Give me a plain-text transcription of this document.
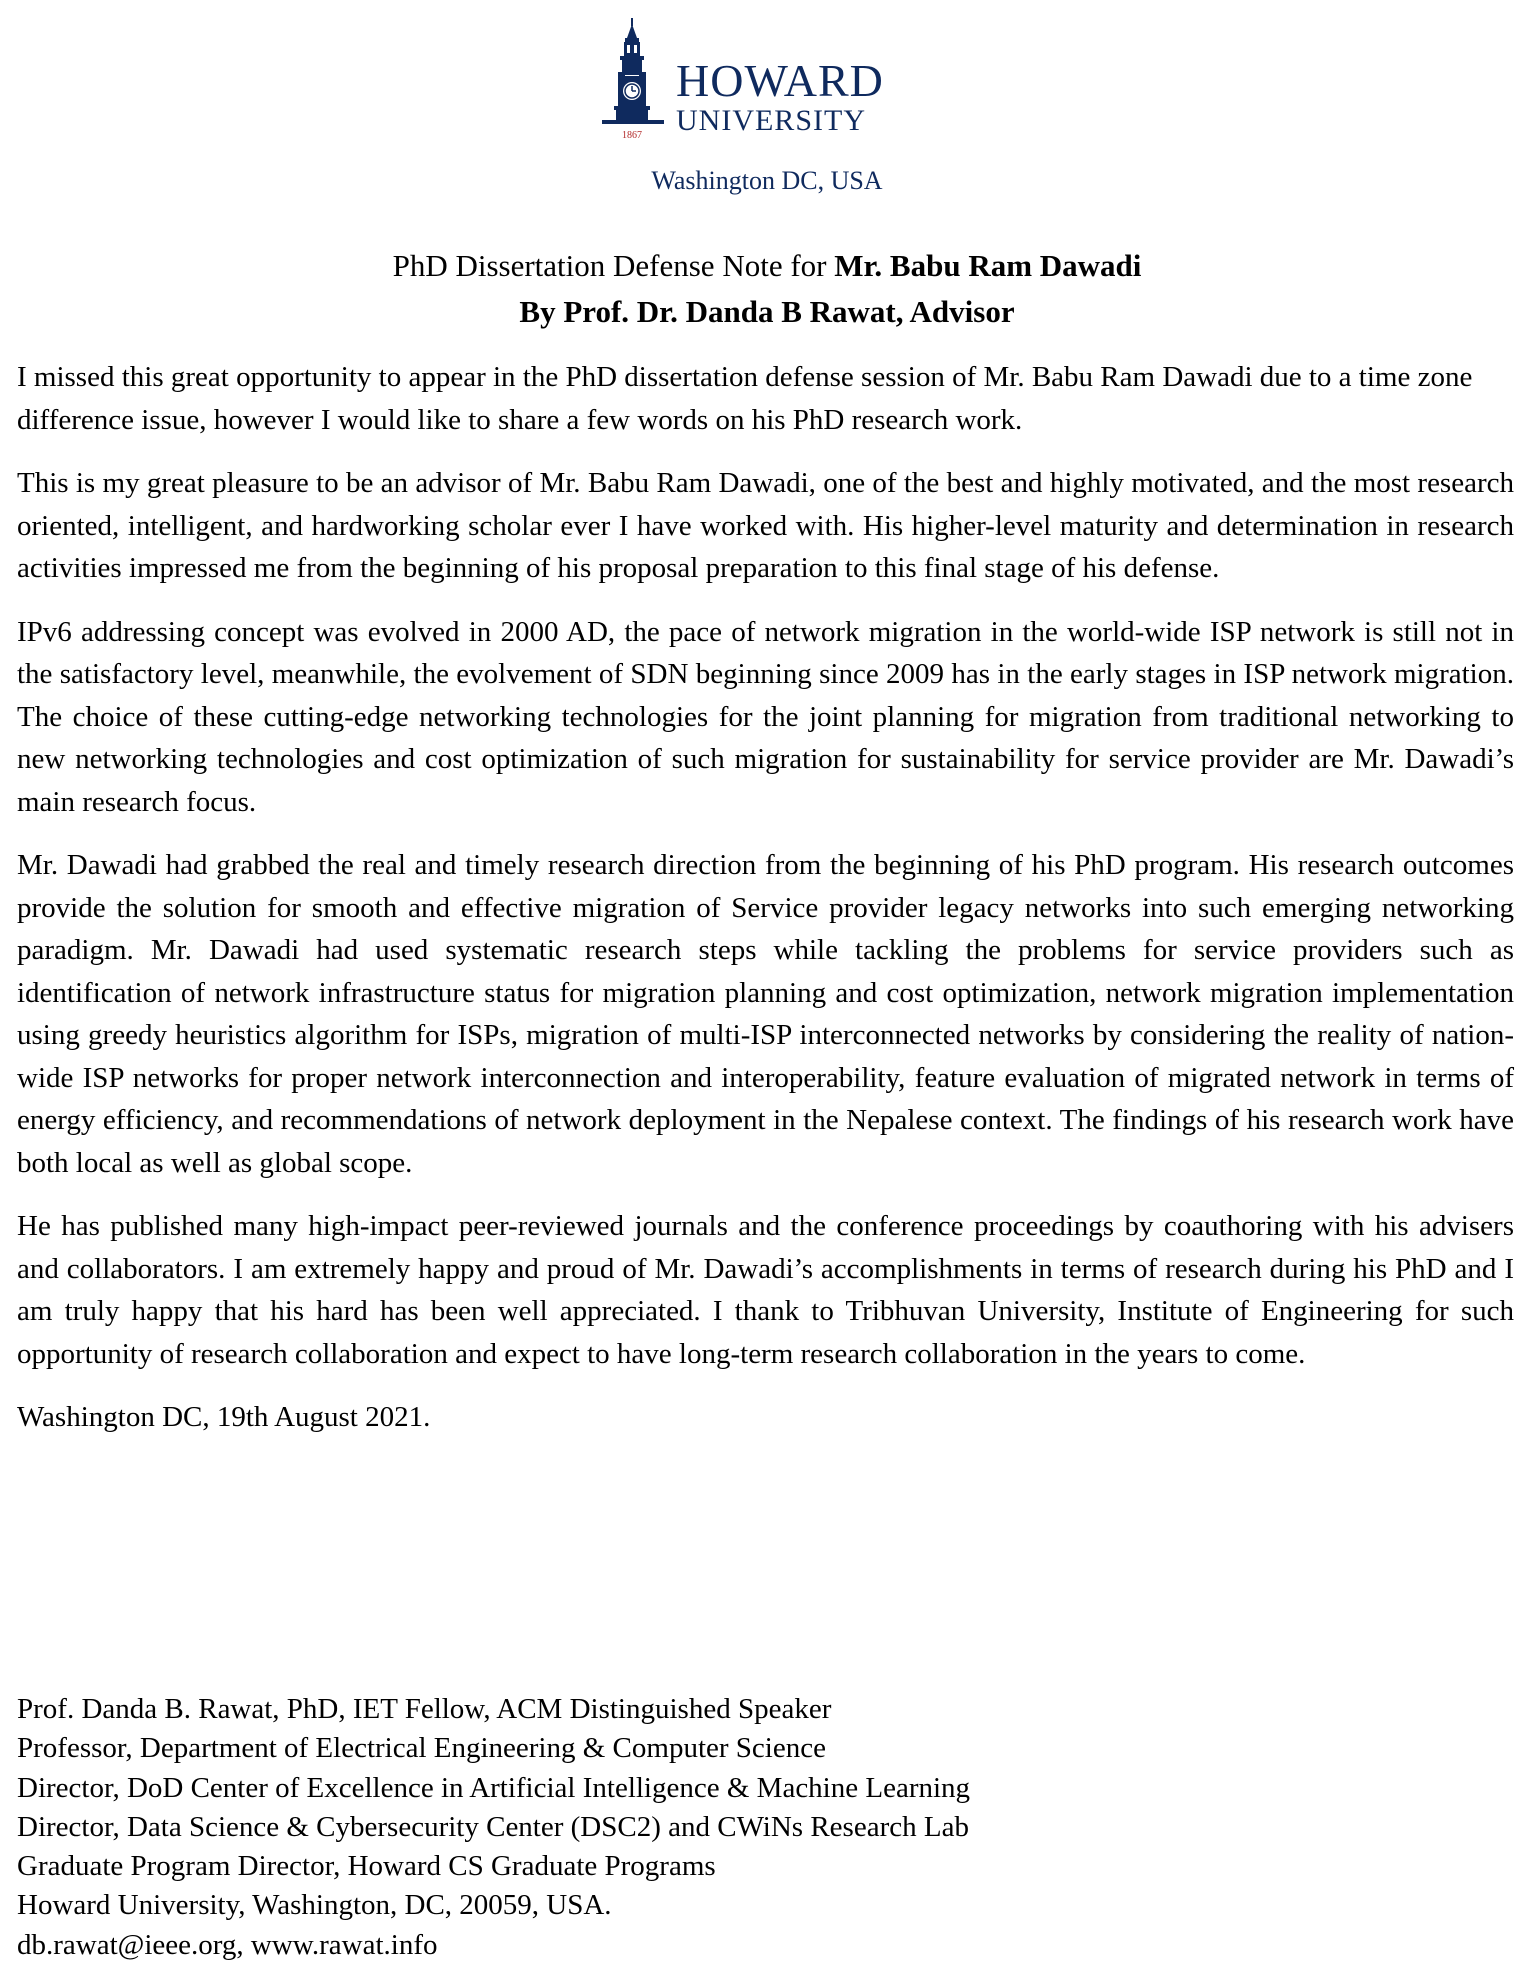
1867
HOWARD
UNIVERSITY
Washington DC, USA
PhD Dissertation Defense Note for Mr. Babu Ram Dawadi
By Prof. Dr. Danda B Rawat, Advisor

I missed this great opportunity to appear in the PhD dissertation defense session of Mr. Babu Ram Dawadi due to a time zone difference issue, however I would like to share a few words on his PhD research work.

This is my great pleasure to be an advisor of Mr. Babu Ram Dawadi, one of the best and highly motivated, and the most research oriented, intelligent, and hardworking scholar ever I have worked with. His higher-level maturity and determination in research activities impressed me from the beginning of his proposal preparation to this final stage of his defense.

IPv6 addressing concept was evolved in 2000 AD, the pace of network migration in the world-wide ISP network is still not in the satisfactory level, meanwhile, the evolvement of SDN beginning since 2009 has in the early stages in ISP network migration. The choice of these cutting-edge networking technologies for the joint planning for migration from traditional networking to new networking technologies and cost optimization of such migration for sustainability for service provider are Mr. Dawadi’s main research focus.

Mr. Dawadi had grabbed the real and timely research direction from the beginning of his PhD program. His research outcomes provide the solution for smooth and effective migration of Service provider legacy networks into such emerging networking paradigm. Mr. Dawadi had used systematic research steps while tackling the problems for service providers such as identification of network infrastructure status for migration planning and cost optimization, network migration implementation using greedy heuristics algorithm for ISPs, migration of multi-ISP interconnected networks by considering the reality of nation-wide ISP networks for proper network interconnection and interoperability, feature evaluation of migrated network in terms of energy efficiency, and recommendations of network deployment in the Nepalese context. The findings of his research work have both local as well as global scope.

He has published many high-impact peer-reviewed journals and the conference proceedings by coauthoring with his advisers and collaborators. I am extremely happy and proud of Mr. Dawadi’s accomplishments in terms of research during his PhD and I am truly happy that his hard has been well appreciated. I thank to Tribhuvan University, Institute of Engineering for such opportunity of research collaboration and expect to have long-term research collaboration in the years to come.

Washington DC, 19th August 2021.

Prof. Danda B. Rawat, PhD, IET Fellow, ACM Distinguished Speaker
Professor, Department of Electrical Engineering & Computer Science
Director, DoD Center of Excellence in Artificial Intelligence & Machine Learning
Director, Data Science & Cybersecurity Center (DSC2) and CWiNs Research Lab
Graduate Program Director, Howard CS Graduate Programs
Howard University, Washington, DC, 20059, USA.
db.rawat@ieee.org, www.rawat.info
